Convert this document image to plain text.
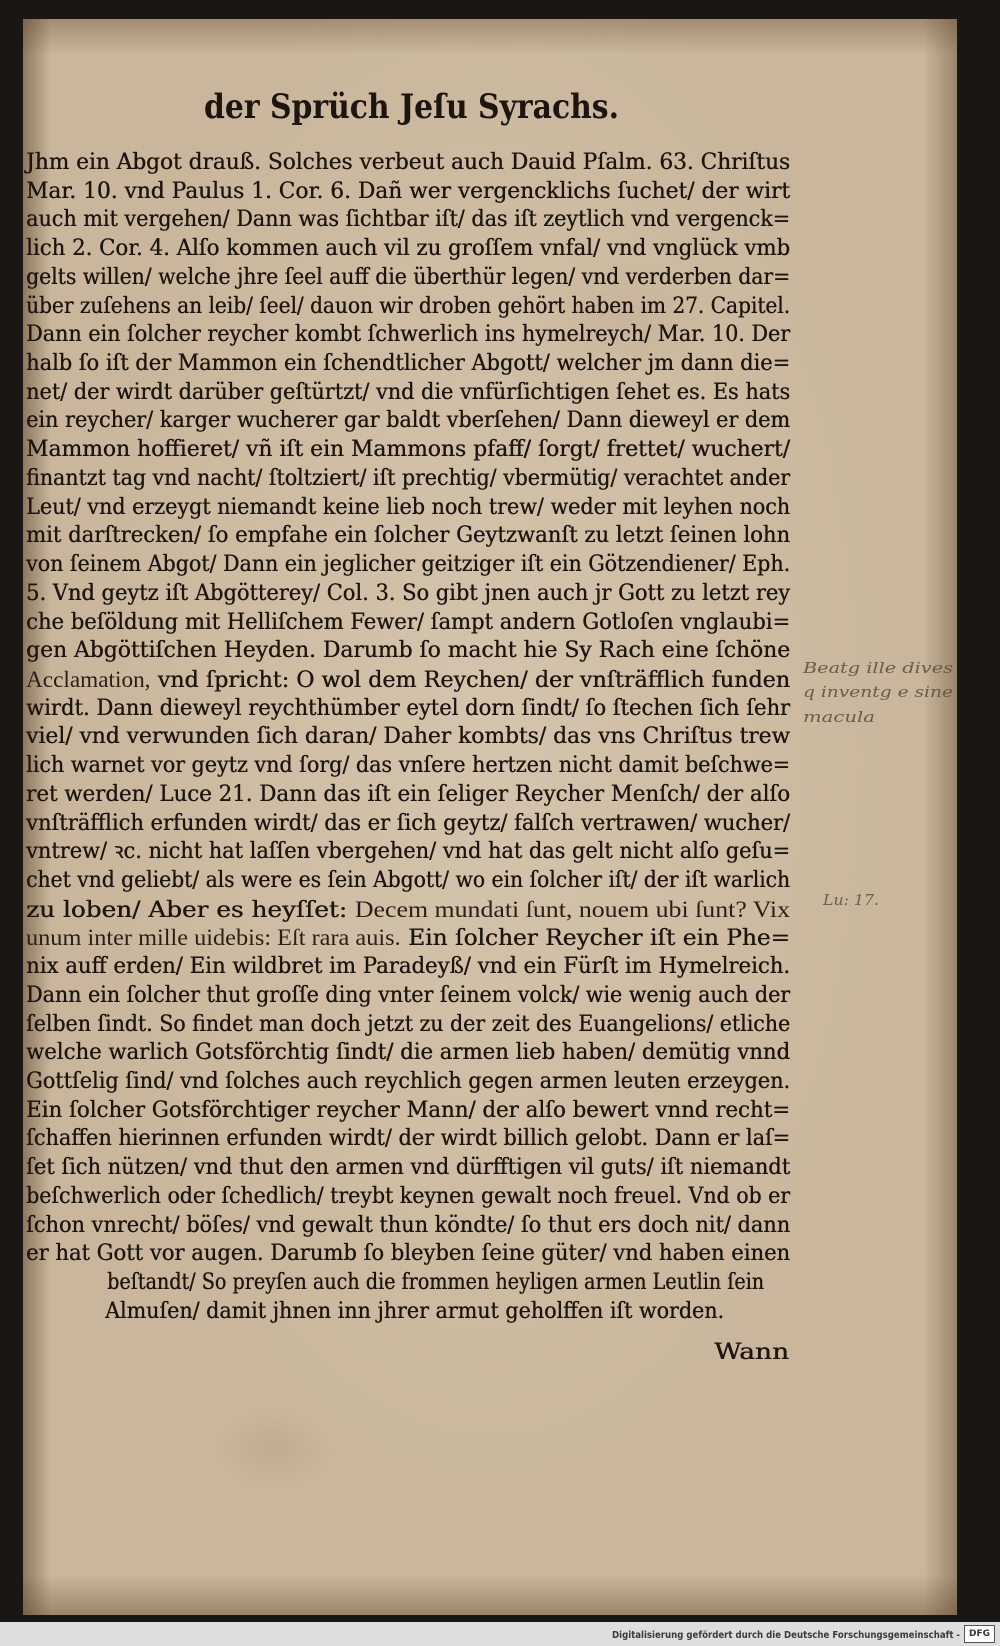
der Sprüch Jeſu Syrachs.
Jhm ein Abgot drauß. Solches verbeut auch Dauid Pſalm. 63. Chriſtus
Mar. 10. vnd Paulus 1. Cor. 6. Dañ wer vergencklichs ſuchet/ der wirt
auch mit vergehen/ Dann was ſichtbar iſt/ das iſt zeytlich vnd vergenck=
lich 2. Cor. 4. Alſo kommen auch vil zu groſſem vnfal/ vnd vnglück vmb
gelts willen/ welche jhre ſeel auff die überthür legen/ vnd verderben dar=
über zuſehens an leib/ ſeel/ dauon wir droben gehört haben im 27. Capitel.
Dann ein ſolcher reycher kombt ſchwerlich ins hymelreych/ Mar. 10. Der
halb ſo iſt der Mammon ein ſchendtlicher Abgott/ welcher jm dann die=
net/ der wirdt darüber geſtürtzt/ vnd die vnfürſichtigen ſehet es. Es hats
ein reycher/ karger wucherer gar baldt vberſehen/ Dann dieweyl er dem
Mammon hoffieret/ vñ iſt ein Mammons pfaff/ ſorgt/ frettet/ wuchert/
finantzt tag vnd nacht/ ſtoltziert/ iſt prechtig/ vbermütig/ verachtet ander
Leut/ vnd erzeygt niemandt keine lieb noch trew/ weder mit leyhen noch
mit darſtrecken/ ſo empfahe ein ſolcher Geytzwanſt zu letzt ſeinen lohn
von ſeinem Abgot/ Dann ein jeglicher geitziger iſt ein Götzendiener/ Eph.
5. Vnd geytz iſt Abgötterey/ Col. 3. So gibt jnen auch jr Gott zu letzt rey
che beſöldung mit Helliſchem Fewer/ ſampt andern Gotloſen vnglaubi=
gen Abgöttiſchen Heyden. Darumb ſo macht hie Sy Rach eine ſchöne
Acclamation, vnd ſpricht: O wol dem Reychen/ der vnſträfflich funden
wirdt. Dann dieweyl reychthümber eytel dorn ſindt/ ſo ſtechen ſich ſehr
viel/ vnd verwunden ſich daran/ Daher kombts/ das vns Chriſtus trew
lich warnet vor geytz vnd ſorg/ das vnſere hertzen nicht damit beſchwe=
ret werden/ Luce 21. Dann das iſt ein ſeliger Reycher Menſch/ der alſo
vnſträfflich erfunden wirdt/ das er ſich geytz/ falſch vertrawen/ wucher/
vntrew/ ꝛc. nicht hat laſſen vbergehen/ vnd hat das gelt nicht alſo geſu=
chet vnd geliebt/ als were es ſein Abgott/ wo ein ſolcher iſt/ der iſt warlich
zu loben/ Aber es heyſſet: Decem mundati ſunt, nouem ubi ſunt? Vix
unum inter mille uidebis: Eſt rara auis. Ein ſolcher Reycher iſt ein Phe=
nix auff erden/ Ein wildbret im Paradeyß/ vnd ein Fürſt im Hymelreich.
Dann ein ſolcher thut groſſe ding vnter ſeinem volck/ wie wenig auch der
ſelben ſindt. So findet man doch jetzt zu der zeit des Euangelions/ etliche
welche warlich Gotsförchtig ſindt/ die armen lieb haben/ demütig vnnd
Gottſelig ſind/ vnd ſolches auch reychlich gegen armen leuten erzeygen.
Ein ſolcher Gotsförchtiger reycher Mann/ der alſo bewert vnnd recht=
ſchaffen hierinnen erfunden wirdt/ der wirdt billich gelobt. Dann er laſ=
ſet ſich nützen/ vnd thut den armen vnd dürfftigen vil guts/ iſt niemandt
beſchwerlich oder ſchedlich/ treybt keynen gewalt noch freuel. Vnd ob er
ſchon vnrecht/ böſes/ vnd gewalt thun köndte/ ſo thut ers doch nit/ dann
er hat Gott vor augen. Darumb ſo bleyben ſeine güter/ vnd haben einen
beſtandt/ So preyſen auch die frommen heyligen armen Leutlin ſein
Almuſen/ damit jhnen inn jhrer armut geholffen iſt worden.
Wann
Beatg ille dives
q inventg e sine
macula
Lu: 17.
Digitalisierung gefördert durch die Deutsche Forschungsgemeinschaft - DFG
